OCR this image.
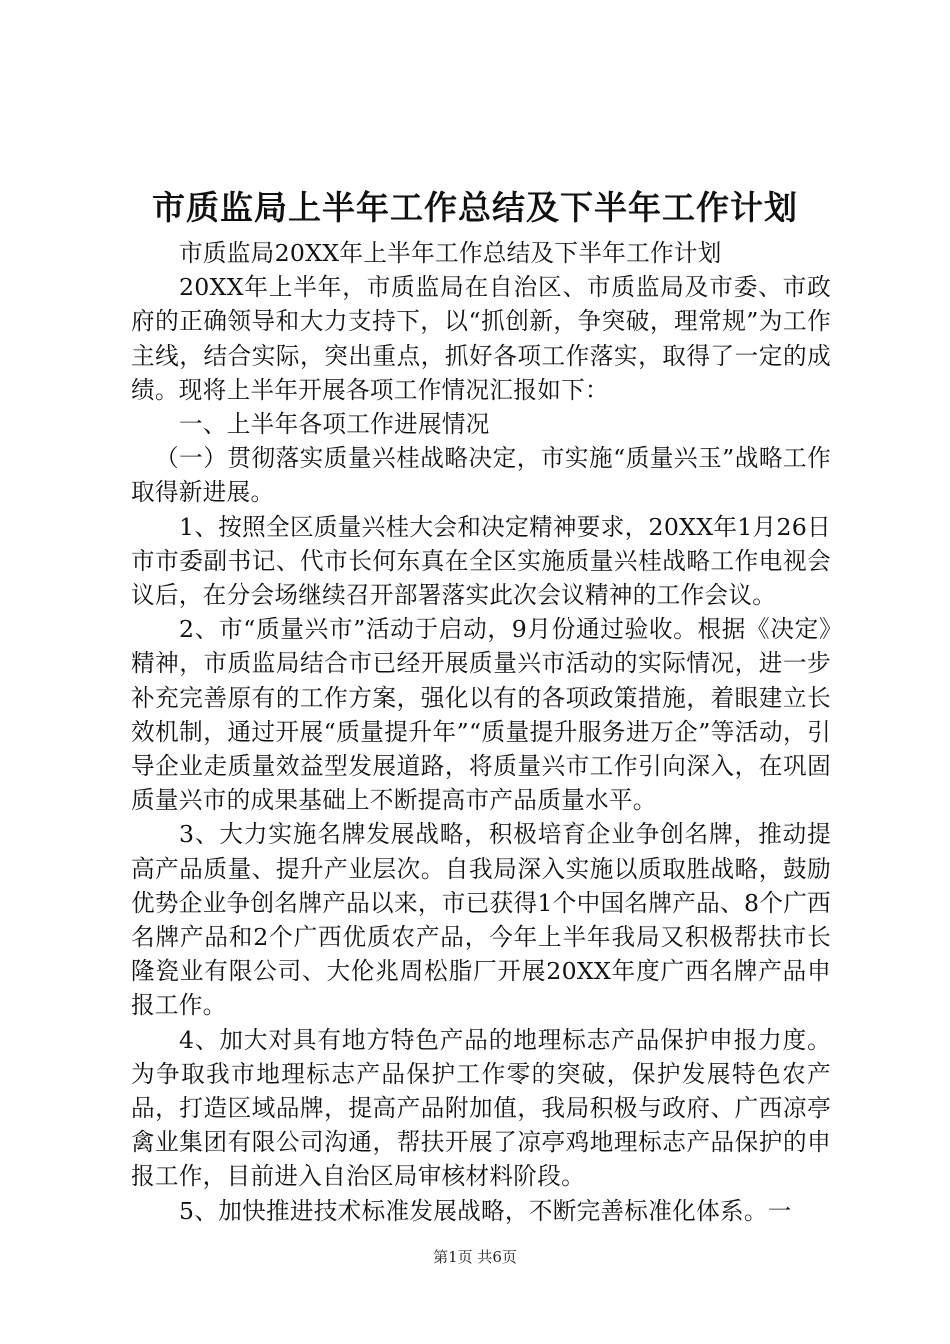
市质监局上半年工作总结及下半年工作计划

市质监局20XX年上半年工作总结及下半年工作计划

20XX年上半年，市质监局在自治区、市质监局及市委、市政府的正确领导和大力支持下，以“抓创新，争突破，理常规”为工作主线，结合实际，突出重点，抓好各项工作落实，取得了一定的成绩。现将上半年开展各项工作情况汇报如下：

一、上半年各项工作进展情况

（一）贯彻落实质量兴桂战略决定，市实施“质量兴玉”战略工作取得新进展。

1、按照全区质量兴桂大会和决定精神要求，20XX年1月26日市市委副书记、代市长何东真在全区实施质量兴桂战略工作电视会议后，在分会场继续召开部署落实此次会议精神的工作会议。

2、市“质量兴市”活动于启动，9月份通过验收。根据《决定》精神，市质监局结合市已经开展质量兴市活动的实际情况，进一步补充完善原有的工作方案，强化以有的各项政策措施，着眼建立长效机制，通过开展“质量提升年”“质量提升服务进万企”等活动，引导企业走质量效益型发展道路，将质量兴市工作引向深入，在巩固质量兴市的成果基础上不断提高市产品质量水平。

3、大力实施名牌发展战略，积极培育企业争创名牌，推动提高产品质量、提升产业层次。自我局深入实施以质取胜战略，鼓励优势企业争创名牌产品以来，市已获得1个中国名牌产品、8个广西名牌产品和2个广西优质农产品，今年上半年我局又积极帮扶市长隆瓷业有限公司、大伦兆周松脂厂开展20XX年度广西名牌产品申报工作。

4、加大对具有地方特色产品的地理标志产品保护申报力度。为争取我市地理标志产品保护工作零的突破，保护发展特色农产品，打造区域品牌，提高产品附加值，我局积极与政府、广西凉亭禽业集团有限公司沟通，帮扶开展了凉亭鸡地理标志产品保护的申报工作，目前进入自治区局审核材料阶段。

5、加快推进技术标准发展战略，不断完善标准化体系。一

第1页 共6页
